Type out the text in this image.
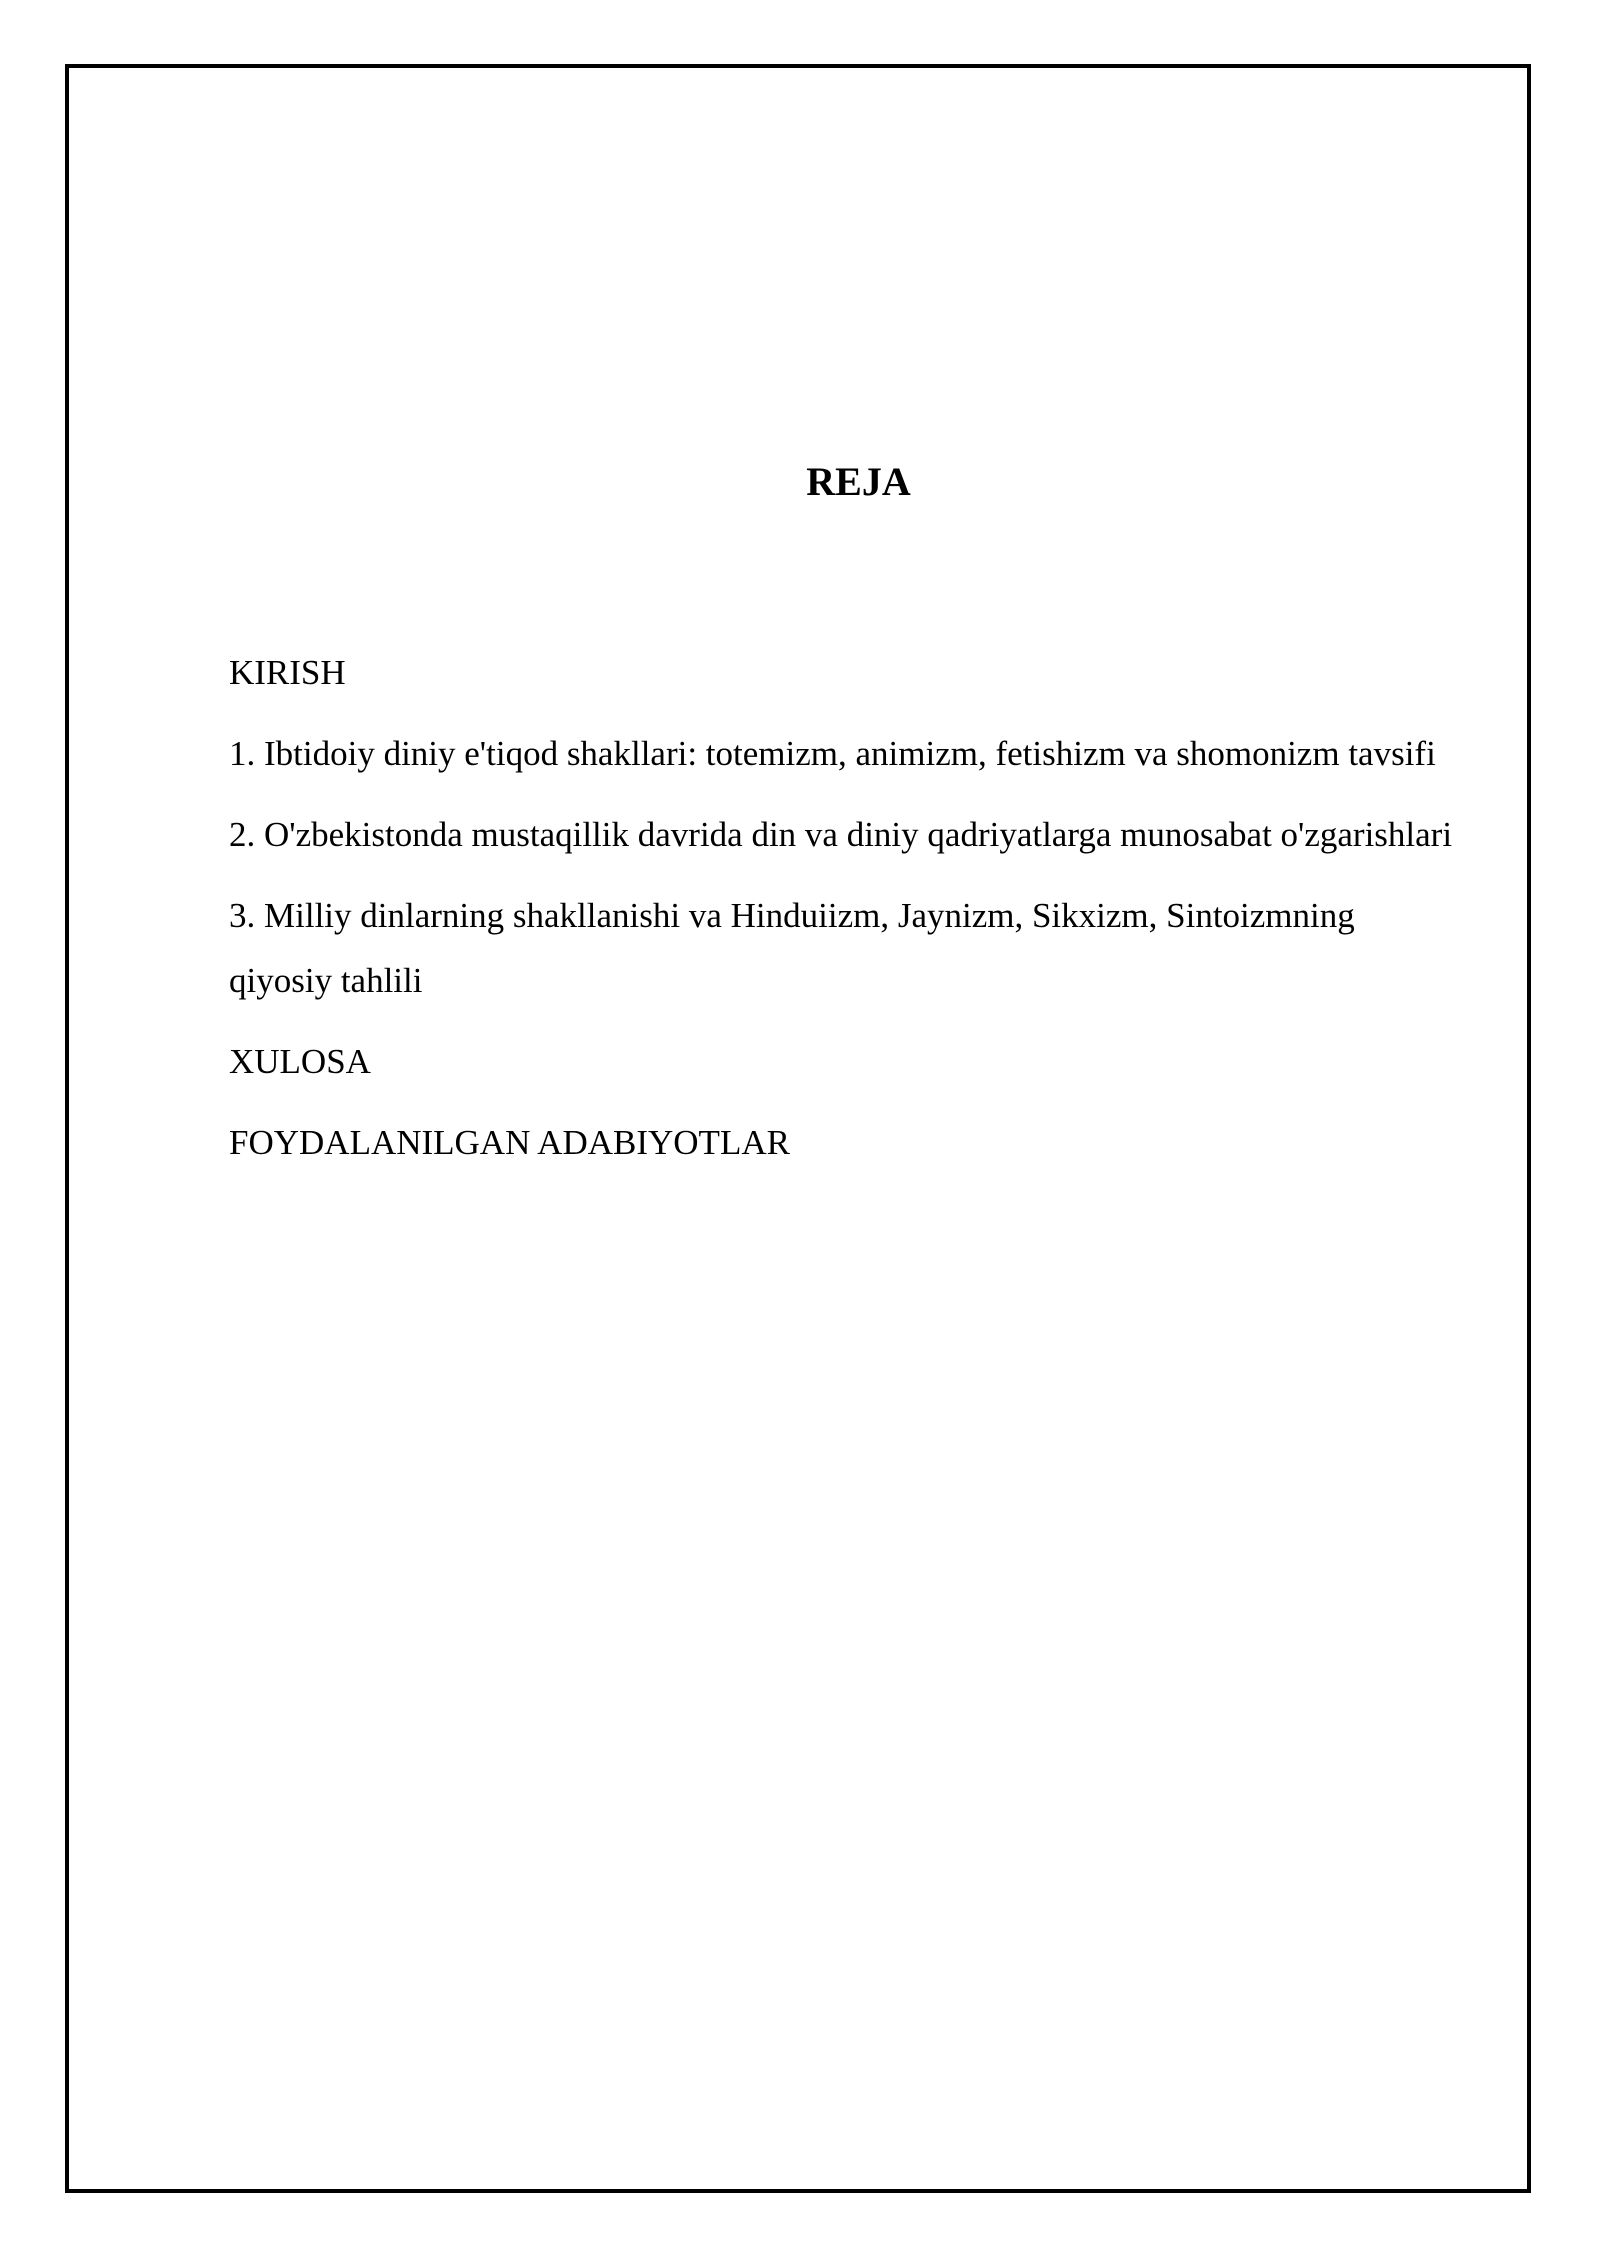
REJA
KIRISH
1. Ibtidoiy diniy e'tiqod shakllari: totemizm, animizm, fetishizm va shomonizm tavsifi
2. O'zbekistonda mustaqillik davrida din va diniy qadriyatlarga munosabat o'zgarishlari
3. Milliy dinlarning shakllanishi va Hinduiizm, Jaynizm, Sikxizm, Sintoizmning qiyosiy tahlili
XULOSA
FOYDALANILGAN ADABIYOTLAR
